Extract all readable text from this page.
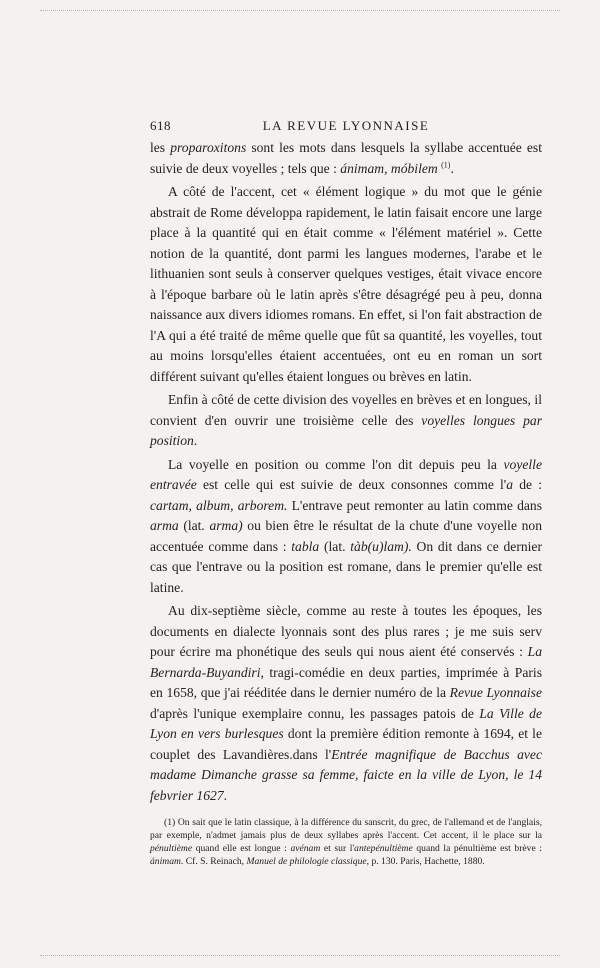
618	LA REVUE LYONNAISE

les proparoxitons sont les mots dans lesquels la syllabe accentuée est suivie de deux voyelles ; tels que : ánimam, móbilem $^{(1)}$.

A côté de l'accent, cet « élément logique » du mot que le génie abstrait de Rome développa rapidement, le latin faisait encore une large place à la quantité qui en était comme « l'élément matériel ». Cette notion de la quantité, dont parmi les langues modernes, l'arabe et le lithuanien sont seuls à conserver quelques vestiges, était vivace encore à l'époque barbare où le latin après s'être désagrégé peu à peu, donna naissance aux divers idiomes romans. En effet, si l'on fait abstraction de l'A qui a été traité de même quelle que fût sa quantité, les voyelles, tout au moins lorsqu'elles étaient accentuées, ont eu en roman un sort différent suivant qu'elles étaient longues ou brèves en latin.

Enfin à côté de cette division des voyelles en brèves et en longues, il convient d'en ouvrir une troisième celle des voyelles longues par position.

La voyelle en position ou comme l'on dit depuis peu la voyelle entravée est celle qui est suivie de deux consonnes comme l'a de : cartam, album, arborem. L'entrave peut remonter au latin comme dans arma (lat. arma) ou bien être le résultat de la chute d'une voyelle non accentuée comme dans : tabla (lat. tàb(u)lam). On dit dans ce dernier cas que l'entrave ou la position est romane, dans le premier qu'elle est latine.

Au dix-septième siècle, comme au reste à toutes les époques, les documents en dialecte lyonnais sont des plus rares ; je me suis serv pour écrire ma phonétique des seuls qui nous aient été conservés : La Bernarda-Buyandiri, tragi-comédie en deux parties, imprimée à Paris en 1658, que j'ai rééditée dans le dernier numéro de la Revue Lyonnaise d'après l'unique exemplaire connu, les passages patois de La Ville de Lyon en vers burlesques dont la première édition remonte à 1694, et le couplet des Lavandières.dans l'Entrée magnifique de Bacchus avec madame Dimanche grasse sa femme, faicte en la ville de Lyon, le 14 febvrier 1627.

(1) On sait que le latin classique, à la différence du sanscrit, du grec, de l'allemand et de l'anglais, par exemple, n'admet jamais plus de deux syllabes après l'accent. Cet accent, il le place sur la pénultième quand elle est longue : avénam et sur l'antepénultième quand la pénultième est brève : ánimam. Cf. S. Reinach, Manuel de philologie classique, p. 130. Paris, Hachette, 1880.
